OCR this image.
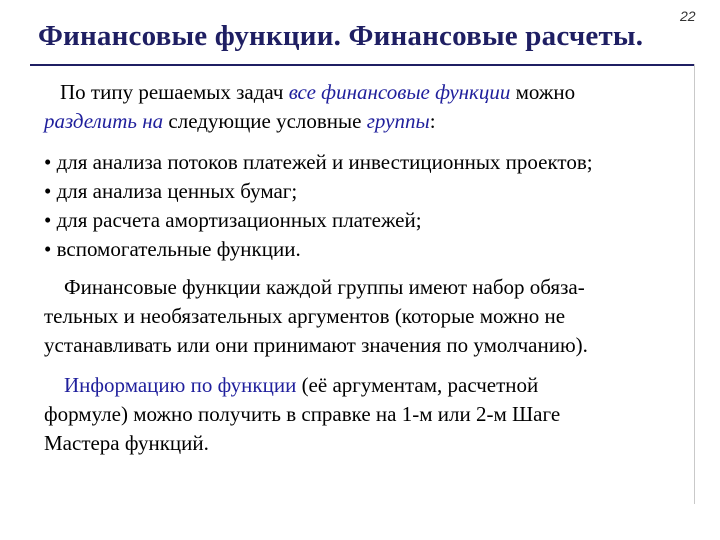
Финансовые функции. Финансовые расчеты.
22
По типу решаемых задач все финансовые функции можно
разделить на следующие условные группы:
• для анализа потоков платежей и инвестиционных проектов;
• для анализа ценных бумаг;
• для расчета амортизационных платежей;
• вспомогательные функции.
Финансовые функции каждой группы имеют набор обяза-
тельных и необязательных аргументов (которые можно не
устанавливать или они принимают значения по умолчанию).
Информацию по функции (её аргументам, расчетной
формуле) можно получить в справке на 1-м или 2-м Шаге
Мастера функций.
